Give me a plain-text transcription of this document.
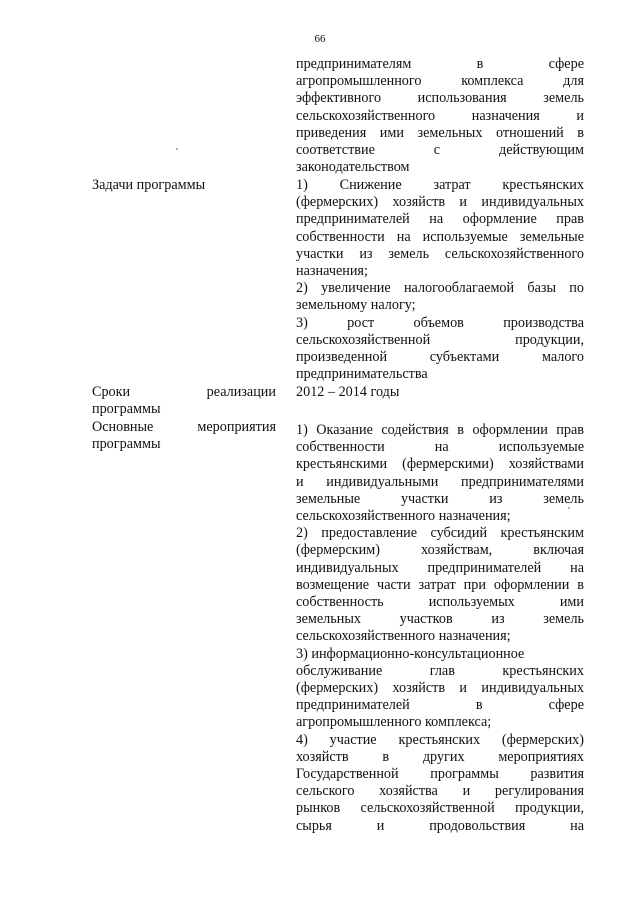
66
предпринимателям в сфере
агропромышленного комплекса для
эффективного использования земель
сельскохозяйственного назначения и
приведения ими земельных отношений в
соответствие с действующим
законодательством
Задачи программы	1) Снижение затрат крестьянских
(фермерских) хозяйств и индивидуальных
предпринимателей на оформление прав
собственности на используемые земельные
участки из земель сельскохозяйственного
назначения;
2) увеличение налогооблагаемой базы по
земельному налогу;
3) рост объемов производства
сельскохозяйственной продукции,
произведенной субъектами малого
предпринимательства
Сроки реализации
программы
2012 – 2014 годы
Основные мероприятия
программы
1) Оказание содействия в оформлении прав
собственности на используемые
крестьянскими (фермерскими) хозяйствами
и индивидуальными предпринимателями
земельные участки из земель
сельскохозяйственного назначения;
2) предоставление субсидий крестьянским
(фермерским) хозяйствам, включая
индивидуальных предпринимателей на
возмещение части затрат при оформлении в
собственность используемых ими
земельных участков из земель
сельскохозяйственного назначения;
3) информационно-консультационное
обслуживание глав крестьянских
(фермерских) хозяйств и индивидуальных
предпринимателей в сфере
агропромышленного комплекса;
4) участие крестьянских (фермерских)
хозяйств в других мероприятиях
Государственной программы развития
сельского хозяйства и регулирования
рынков сельскохозяйственной продукции,
сырья и продовольствия на
